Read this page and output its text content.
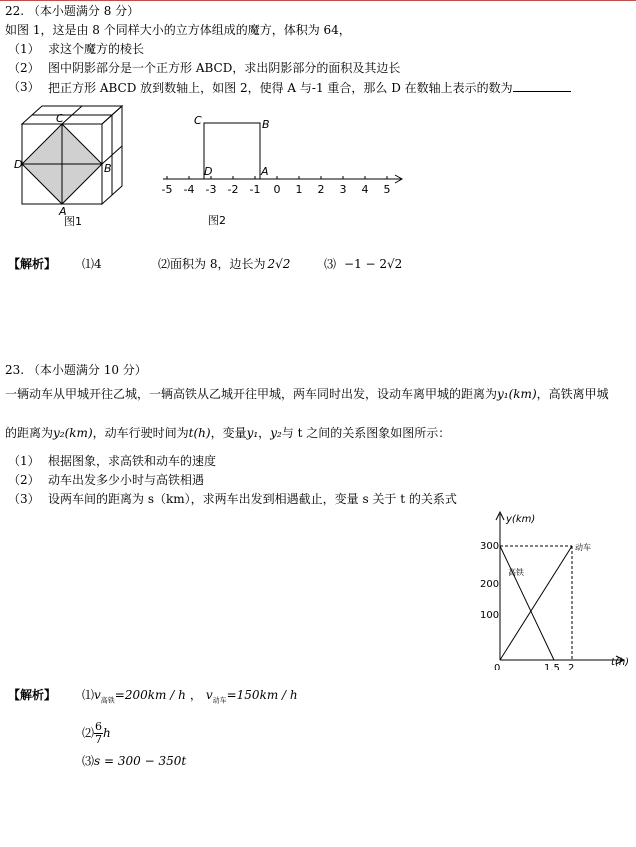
22. （本小题满分 8 分）
如图 1，这是由 8 个同样大小的立方体组成的魔方，体积为 64，
（1） 求这个魔方的棱长
（2） 图中阴影部分是一个正方形 ABCD，求出阴影部分的面积及其边长
（3） 把正方形 ABCD 放到数轴上，如图 2，使得 A 与-1 重合，那么 D 在数轴上表示的数为
C
B
D
A
图1
-5 -4 -3 -2 -1 0 1 2 3 4 5
C	B
D	A
图2
【解析】 ⑴4	⑵面积为 8，边长为 2√2	⑶ −1 − 2√2
23. （本小题满分 10 分）
一辆动车从甲城开往乙城，一辆高铁从乙城开往甲城，两车同时出发，设动车离甲城的距离为y₁(km)，高铁离甲城
的距离为y₂(km)，动车行驶时间为t(h)，变量y₁，y₂与 t 之间的关系图象如图所示：
（1） 根据图象，求高铁和动车的速度
（2） 动车出发多少小时与高铁相遇
（3） 设两车间的距离为 s（km），求两车出发到相遇截止，变量 s 关于 t 的关系式
y(km)
300
200
100
0	1.5 2
t(h)
动车
高铁
【解析】 $⑴v_{高铁}=200km / h$ ， $v_{动车}=150km / h$
⑵ $\frac{6}{7}$ h
⑶s = 300 − 350t
